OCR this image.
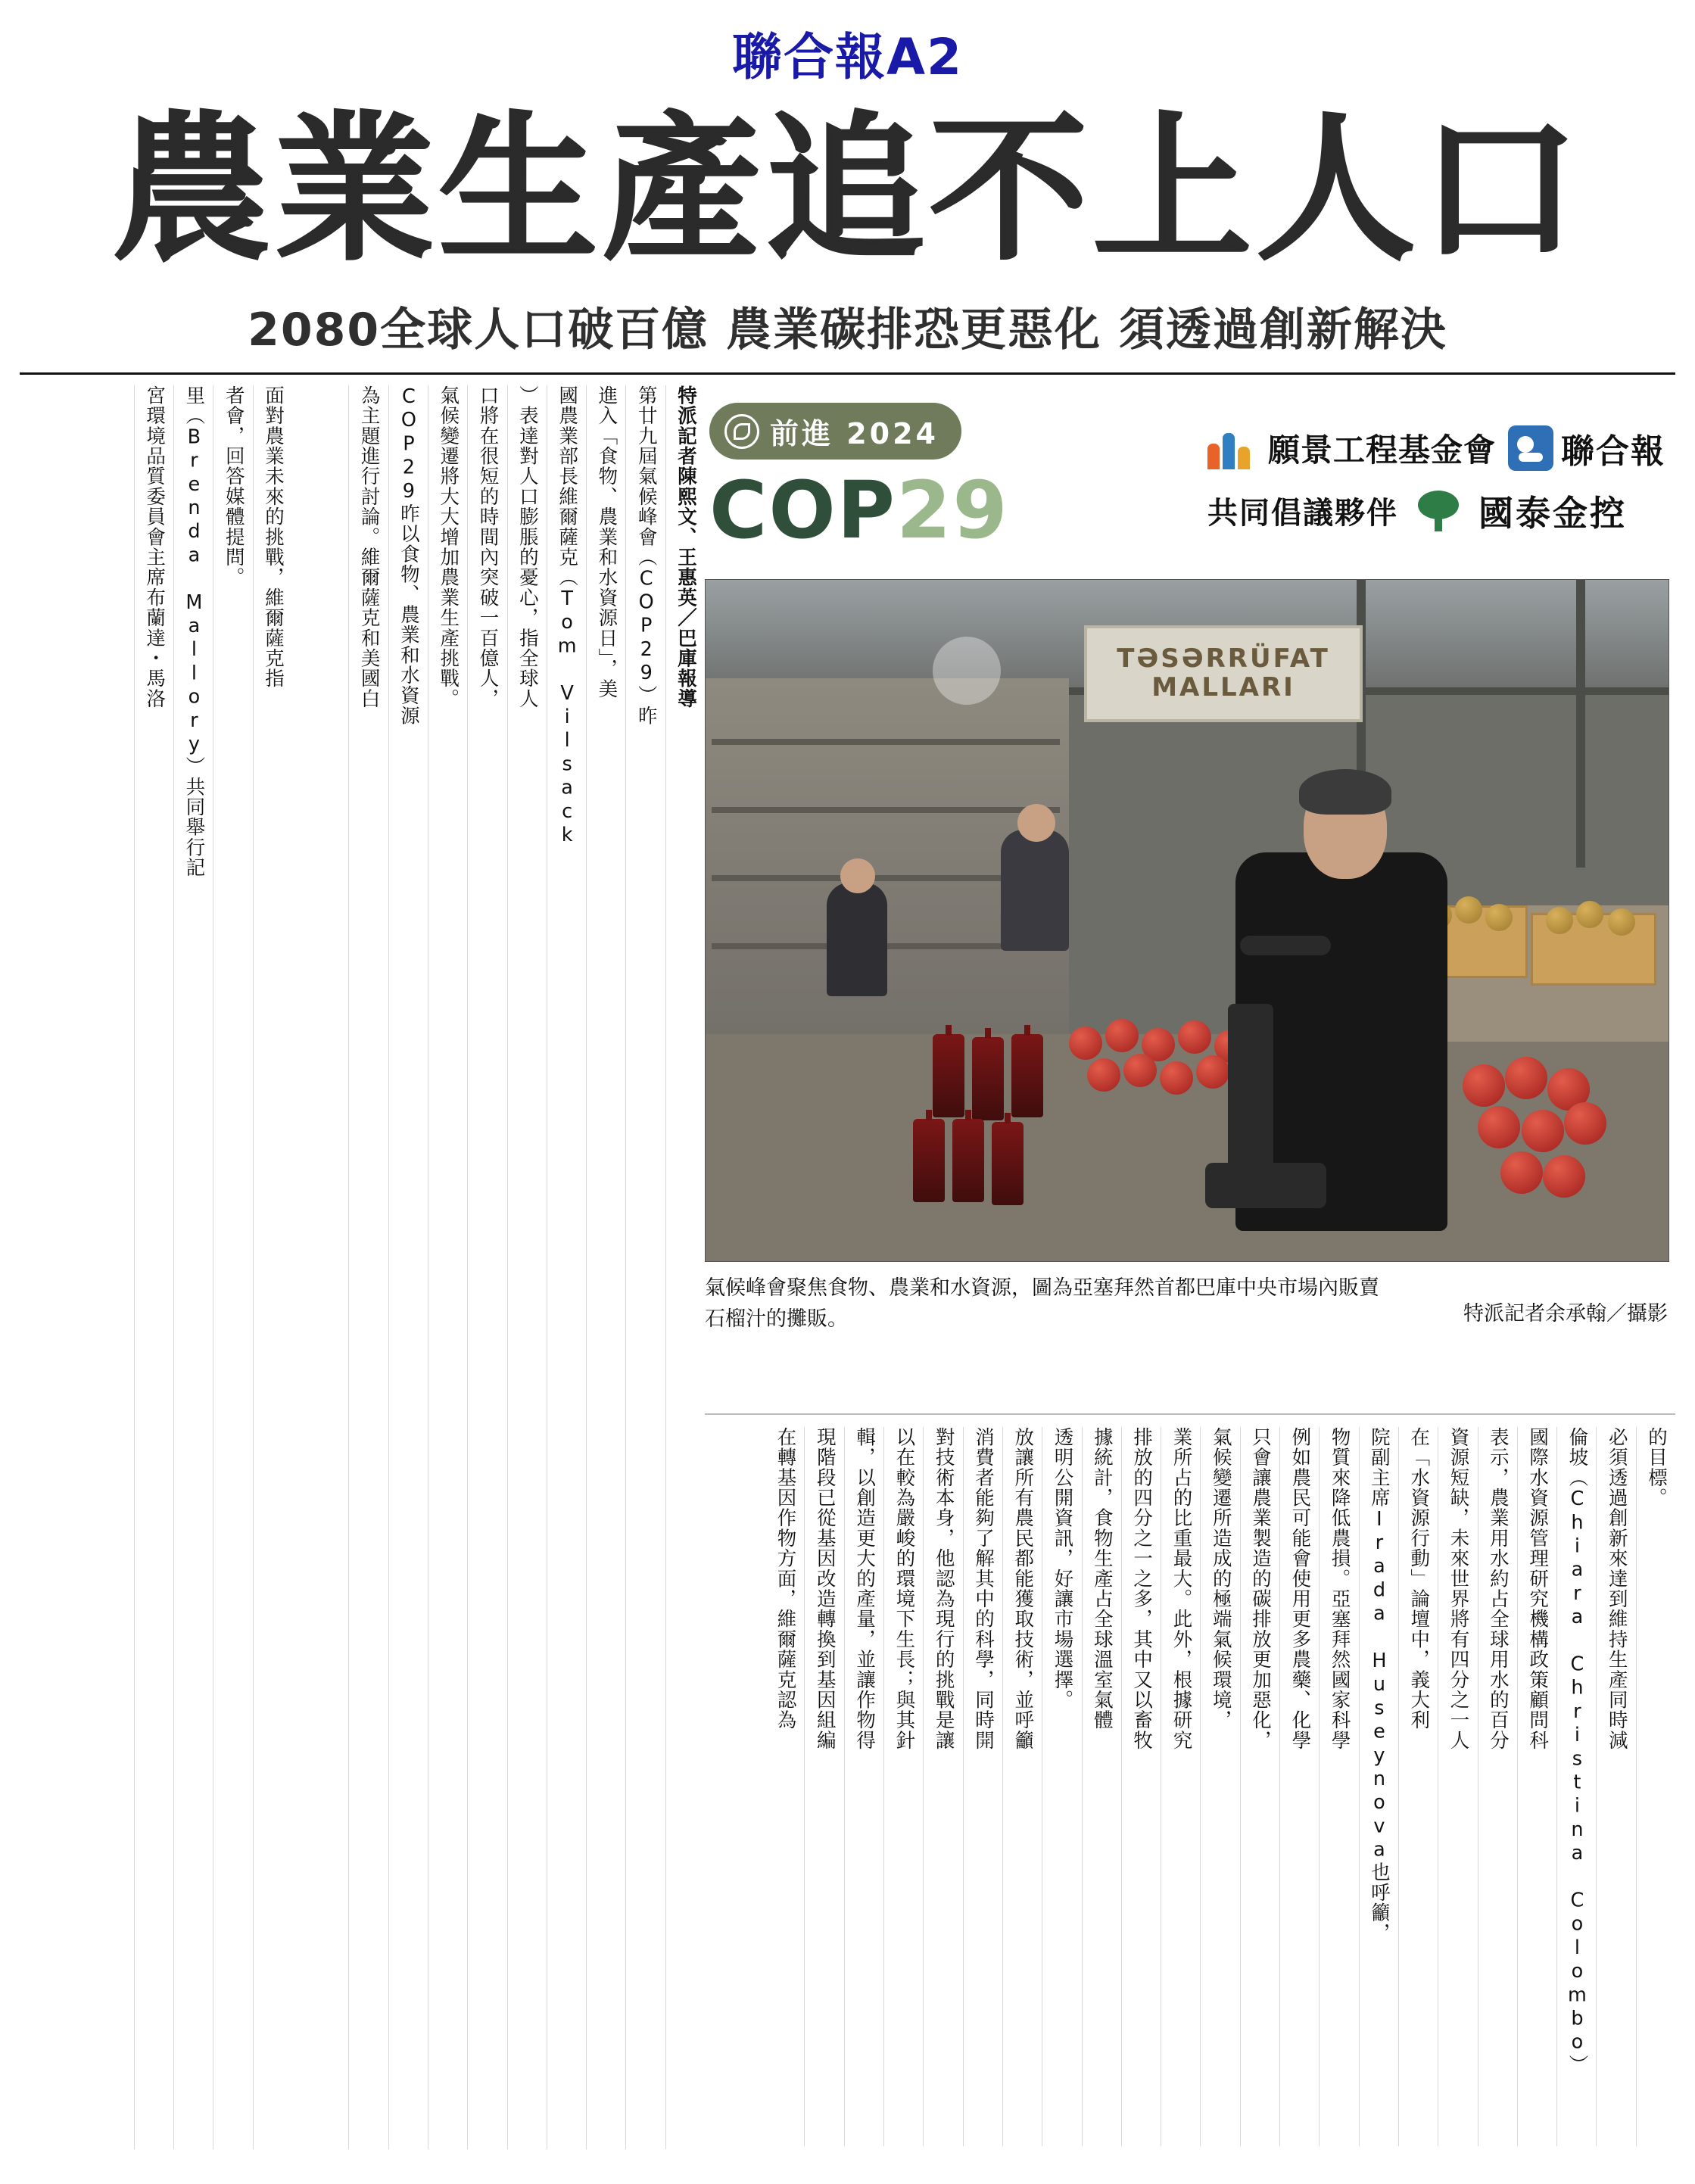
聯合報A2
農業生產追不上人口
2080全球人口破百億 農業碳排恐更惡化 須透過創新解決
面對農業未來的挑戰，維爾薩克指
者會，回答媒體提問。
里（Brenda Mallory）共同舉行記
宮環境品質委員會主席布蘭達・馬洛	特派記者陳熙文、王惠英／巴庫報導
第廿九屆氣候峰會（COP29）昨
進入「食物、農業和水資源日」，美
國農業部長維爾薩克（Tom Vilsack
）表達對人口膨脹的憂心，指全球人
口將在很短的時間內突破一百億人，
氣候變遷將大大增加農業生產挑戰。
COP29昨以食物、農業和水資源
為主題進行討論。維爾薩克和美國白	前進 2024
COP29
願景工程基金會 聯合報
共同倡議夥伴 國泰金控
TƏSƏRRÜFAT MALLARI
氣候峰會聚焦食物、農業和水資源，圖為亞塞拜然首都巴庫中央市場內販賣石榴汁的攤販。	特派記者余承翰／攝影
的目標。
必須透過創新來達到維持生產同時減
倫坡（Chiara Christina Colombo）
國際水資源管理研究機構政策顧問科
表示，農業用水約占全球用水的百分
資源短缺，未來世界將有四分之一人
在「水資源行動」論壇中，義大利
院副主席Irada Huseynova也呼籲，
物質來降低農損。亞塞拜然國家科學
例如農民可能會使用更多農藥、化學
只會讓農業製造的碳排放更加惡化，
氣候變遷所造成的極端氣候環境，
業所占的比重最大。此外，根據研究
排放的四分之一之多，其中又以畜牧
據統計，食物生產占全球溫室氣體
透明公開資訊，好讓市場選擇。
放讓所有農民都能獲取技術，並呼籲
消費者能夠了解其中的科學，同時開
對技術本身，他認為現行的挑戰是讓
以在較為嚴峻的環境下生長；與其針
輯，以創造更大的產量，並讓作物得
現階段已從基因改造轉換到基因組編
在轉基因作物方面，維爾薩克認為
